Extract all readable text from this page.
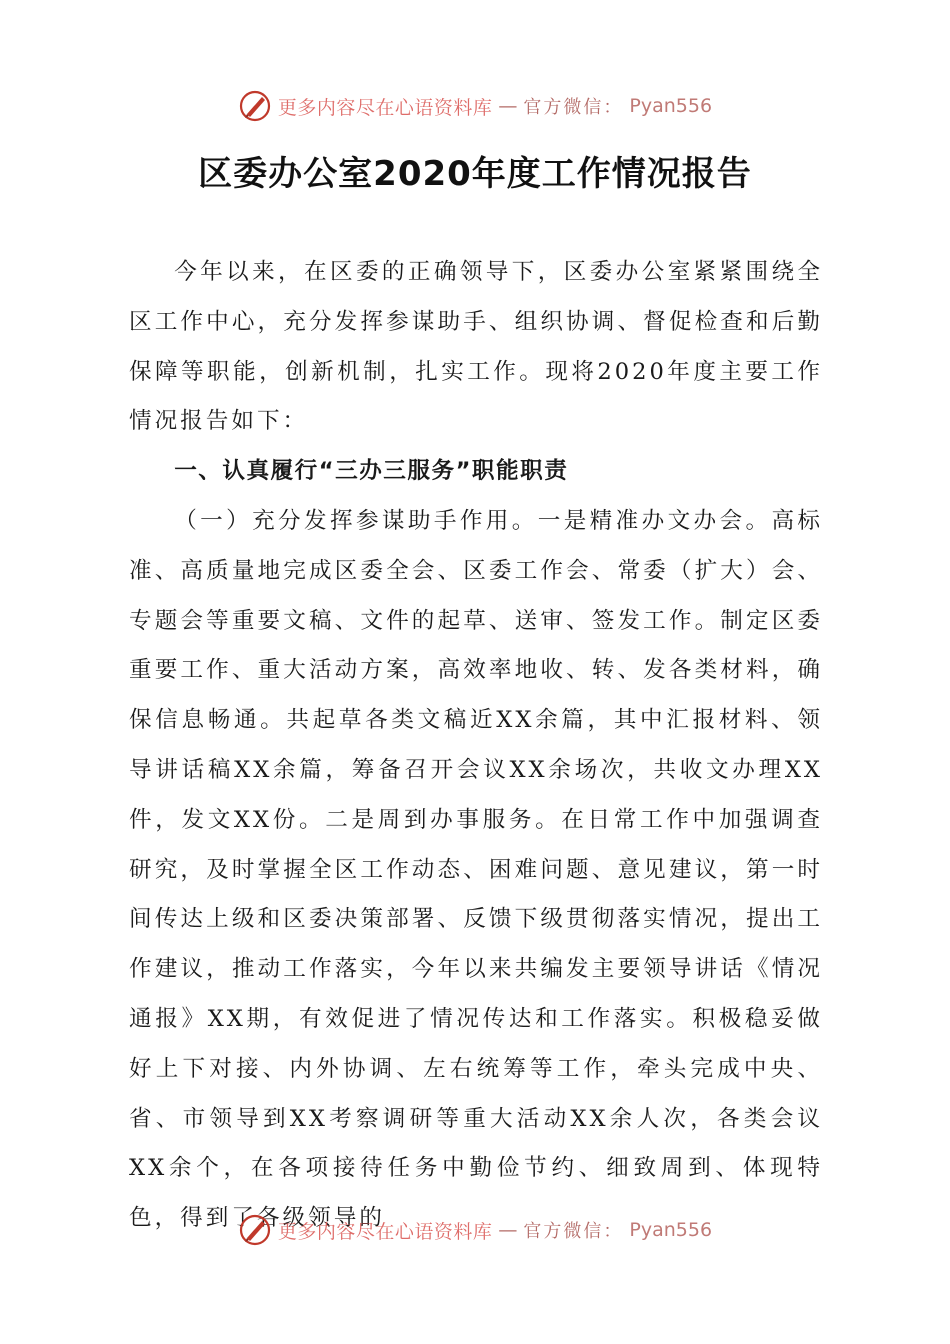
更多内容尽在心语资料库 — 官方微信： Pyan556
区委办公室2020年度工作情况报告

今年以来，在区委的正确领导下，区委办公室紧紧围绕全区工作中心，充分发挥参谋助手、组织协调、督促检查和后勤保障等职能，创新机制，扎实工作。现将2020年度主要工作情况报告如下：

一、认真履行“三办三服务”职能职责

（一）充分发挥参谋助手作用。一是精准办文办会。高标准、高质量地完成区委全会、区委工作会、常委（扩大）会、专题会等重要文稿、文件的起草、送审、签发工作。制定区委重要工作、重大活动方案，高效率地收、转、发各类材料，确保信息畅通。共起草各类文稿近XX余篇，其中汇报材料、领导讲话稿XX余篇，筹备召开会议XX余场次，共收文办理XX件，发文XX份。二是周到办事服务。在日常工作中加强调查研究，及时掌握全区工作动态、困难问题、意见建议，第一时间传达上级和区委决策部署、反馈下级贯彻落实情况，提出工作建议，推动工作落实，今年以来共编发主要领导讲话《情况通报》XX期，有效促进了情况传达和工作落实。积极稳妥做好上下对接、内外协调、左右统筹等工作，牵头完成中央、省、市领导到XX考察调研等重大活动XX余人次，各类会议XX余个，在各项接待任务中勤俭节约、细致周到、体现特色，得到了各级领导的

更多内容尽在心语资料库 — 官方微信： Pyan556
